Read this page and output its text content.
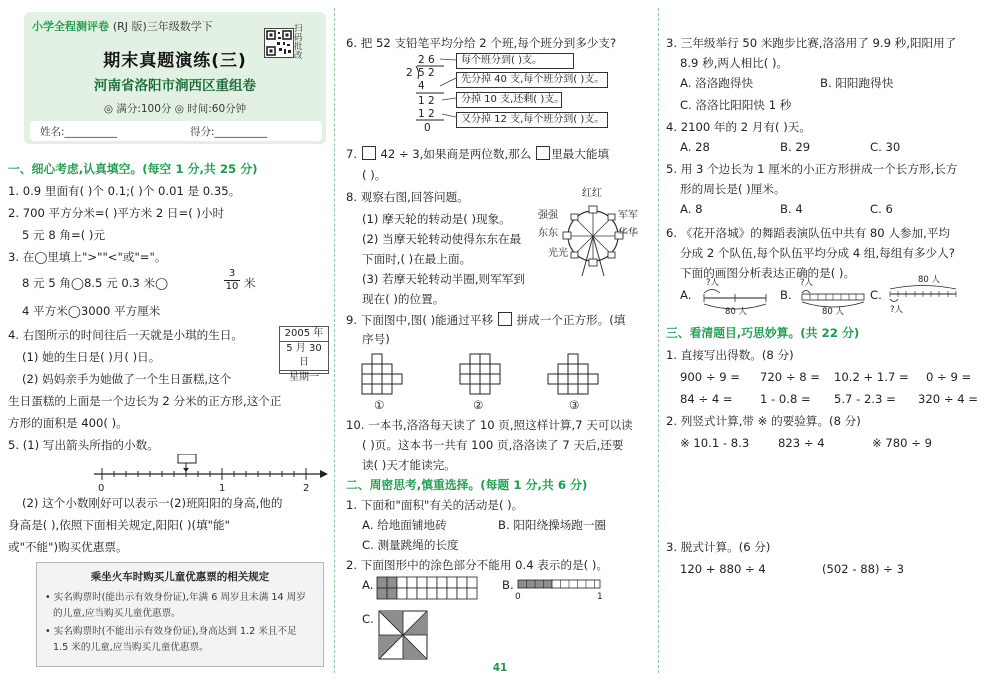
小学全程测评卷 (RJ 版)三年级数学下	扫码批改
期末真题演练(三)
河南省洛阳市涧西区重组卷
◎ 满分:100分 ◎ 时间:60分钟
姓名:__________	得分:__________
一、细心考虑,认真填空。(每空 1 分,共 25 分)
1. 0.9 里面有( )个 0.1;( )个 0.01 是 0.35。
2. 700 平方分米=( )平方米 2 日=( )小时
5 元 8 角=( )元
3. 在◯里填上">""<"或"="。
8 元 5 角◯8.5 元 0.3 米◯
3
10 米
4 平方米◯3000 平方厘米
4. 右图所示的时间往后一天就是小琪的生日。
(1) 她的生日是( )月( )日。
(2) 妈妈亲手为她做了一个生日蛋糕,这个
生日蛋糕的上面是一个边长为 2 分米的正方形,这个正
方形的面积是 400( )。
2005 年
5 月 30 日
星期一
5. (1) 写出箭头所指的小数。
0	1	2
(2) 这个小数刚好可以表示一(2)班阳阳的身高,他的
身高是( ),依照下面相关规定,阳阳( )(填"能"
或"不能")购买优惠票。
乘坐火车时购买儿童优惠票的相关规定
• 实名购票时(能出示有效身份证),年满 6 周岁且未满 14 周岁
的儿童,应当购买儿童优惠票。
• 实名购票时(不能出示有效身份证),身高达到 1.2 米且不足
1.5 米的儿童,应当购买儿童优惠票。
6. 把 52 支铅笔平均分给 2 个班,每个班分到多少支?
2 6
2 5 2
4
1 2
1 2
0
每个班分到( )支。
先分掉 40 支,每个班分到( )支。
分掉 10 支,还剩( )支。
又分掉 12 支,每个班分到( )支。
7. 42 ÷ 3,如果商是两位数,那么 里最大能填
( )。
8. 观察右图,回答问题。
(1) 摩天轮的转动是( )现象。
(2) 当摩天轮转动使得东东在最
下面时,( )在最上面。
(3) 若摩天轮转动半圈,则军军到
现在( )的位置。
红红
强强	军军
东东	华华
光光
9. 下面图中,图( )能通过平移 拼成一个正方形。(填
序号)
①	②	③
10. 一本书,洛洛每天读了 10 页,照这样计算,7 天可以读
( )页。这本书一共有 100 页,洛洛读了 7 天后,还要
读( )天才能读完。
二、周密思考,慎重选择。(每题 1 分,共 6 分)
1. 下面和"面积"有关的活动是( )。
A. 给地面铺地砖	B. 阳阳绕操场跑一圈
C. 测量跳绳的长度
2. 下面图形中的涂色部分不能用 0.4 表示的是( )。
A.	B.
C.
0	1
3. 三年级举行 50 米跑步比赛,洛洛用了 9.9 秒,阳阳用了
8.9 秒,两人相比( )。
A. 洛洛跑得快	B. 阳阳跑得快
C. 洛洛比阳阳快 1 秒
4. 2100 年的 2 月有( )天。
A. 28	B. 29	C. 30
5. 用 3 个边长为 1 厘米的小正方形拼成一个长方形,长方
形的周长是( )厘米。
A. 8	B. 4	C. 6
6. 《花开洛城》的舞蹈表演队伍中共有 80 人参加,平均
分成 2 个队伍,每个队伍平均分成 4 组,每组有多少人?
下面的画图分析表达正确的是( )。
A.
?人
80 人
B.
?人
80 人
C.
80 人
?人
三、看清题目,巧思妙算。(共 22 分)
1. 直接写出得数。(8 分)
900 ÷ 9 = 720 ÷ 8 = 10.2 + 1.7 = 0 ÷ 9 =
84 ÷ 4 = 1 - 0.8 = 5.7 - 2.3 = 320 ÷ 4 =
2. 列竖式计算,带 ※ 的要验算。(8 分)
※ 10.1 - 8.3 823 ÷ 4	※ 780 ÷ 9
3. 脱式计算。(6 分)
120 + 880 ÷ 4	(502 - 88) ÷ 3
41
